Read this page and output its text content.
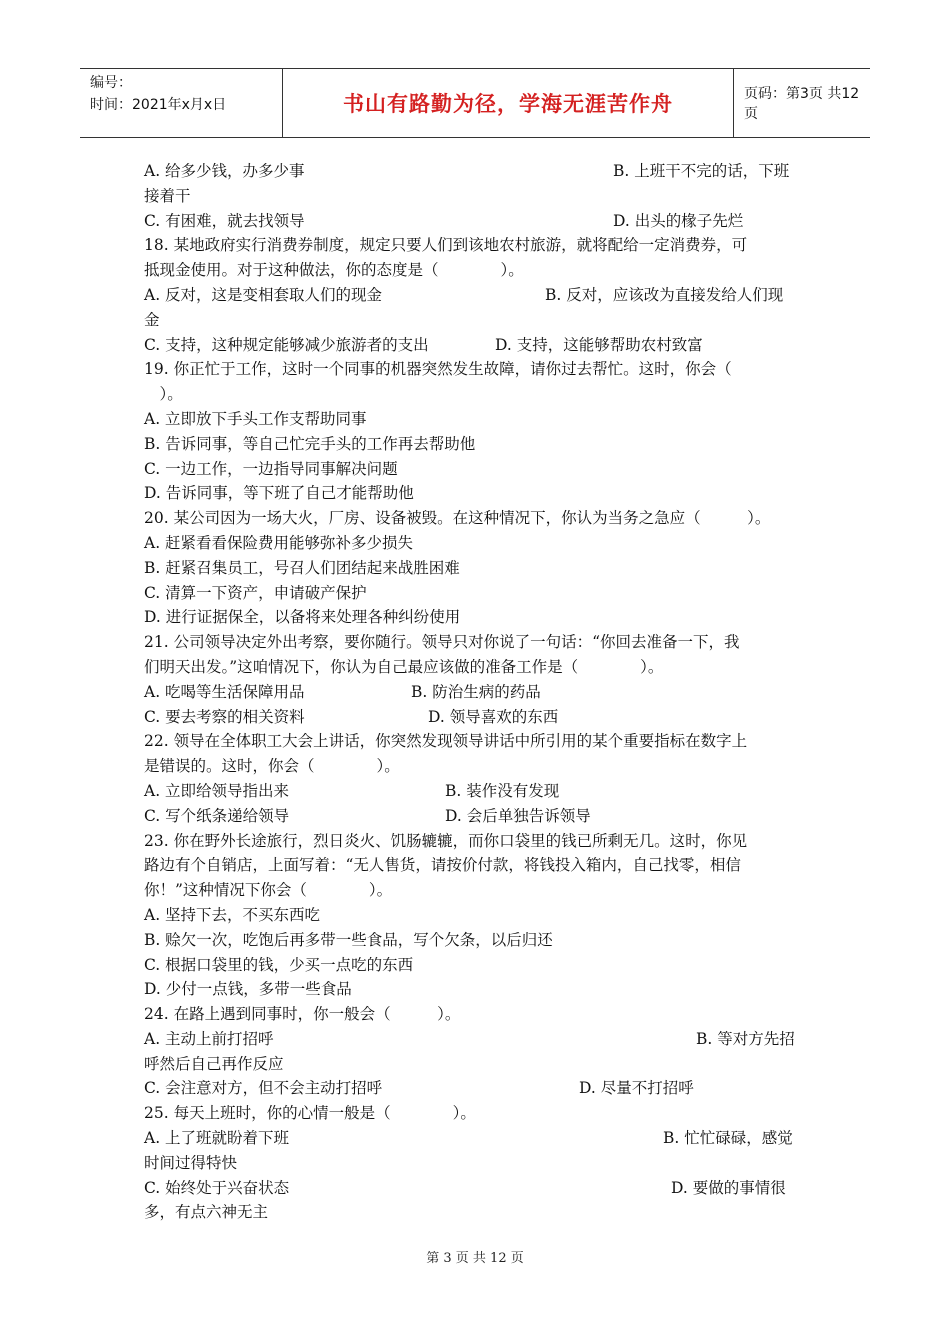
编号：
时间：2021年x月x日	书山有路勤为径，学海无涯苦作舟	页码：第3页 共12页
A. 给多少钱，办多少事	B. 上班干不完的话，下班
接着干
C. 有困难，就去找领导	D. 出头的椽子先烂
18. 某地政府实行消费券制度，规定只要人们到该地农村旅游，就将配给一定消费券，可
抵现金使用。对于这种做法，你的态度是（　　　　）。
A. 反对，这是变相套取人们的现金	B. 反对，应该改为直接发给人们现
金
C. 支持，这种规定能够减少旅游者的支出	D. 支持，这能够帮助农村致富
19. 你正忙于工作，这时一个同事的机器突然发生故障，请你过去帮忙。这时，你会（
　）。
A. 立即放下手头工作支帮助同事
B. 告诉同事，等自己忙完手头的工作再去帮助他
C. 一边工作，一边指导同事解决问题
D. 告诉同事，等下班了自己才能帮助他
20. 某公司因为一场大火，厂房、设备被毁。在这种情况下，你认为当务之急应（　　　）。
A. 赶紧看看保险费用能够弥补多少损失
B. 赶紧召集员工，号召人们团结起来战胜困难
C. 清算一下资产，申请破产保护
D. 进行证据保全，以备将来处理各种纠纷使用
21. 公司领导决定外出考察，要你随行。领导只对你说了一句话：“你回去准备一下，我
们明天出发。”这咱情况下，你认为自己最应该做的准备工作是（　　　　）。
A. 吃喝等生活保障用品	B. 防治生病的药品
C. 要去考察的相关资料	D. 领导喜欢的东西
22. 领导在全体职工大会上讲话，你突然发现领导讲话中所引用的某个重要指标在数字上
是错误的。这时，你会（　　　　）。
A. 立即给领导指出来	B. 装作没有发现
C. 写个纸条递给领导	D. 会后单独告诉领导
23. 你在野外长途旅行，烈日炎火、饥肠辘辘，而你口袋里的钱已所剩无几。这时，你见
路边有个自销店，上面写着：“无人售货，请按价付款，将钱投入箱内，自己找零，相信
你！”这种情况下你会（　　　　）。
A. 坚持下去，不买东西吃
B. 赊欠一次，吃饱后再多带一些食品，写个欠条，以后归还
C. 根据口袋里的钱，少买一点吃的东西
D. 少付一点钱，多带一些食品
24. 在路上遇到同事时，你一般会（　　　）。
A. 主动上前打招呼	B. 等对方先招
呼然后自己再作反应
C. 会注意对方，但不会主动打招呼	D. 尽量不打招呼
25. 每天上班时，你的心情一般是（　　　　）。
A. 上了班就盼着下班	B. 忙忙碌碌，感觉
时间过得特快
C. 始终处于兴奋状态	D. 要做的事情很
多，有点六神无主
第 3 页 共 12 页
